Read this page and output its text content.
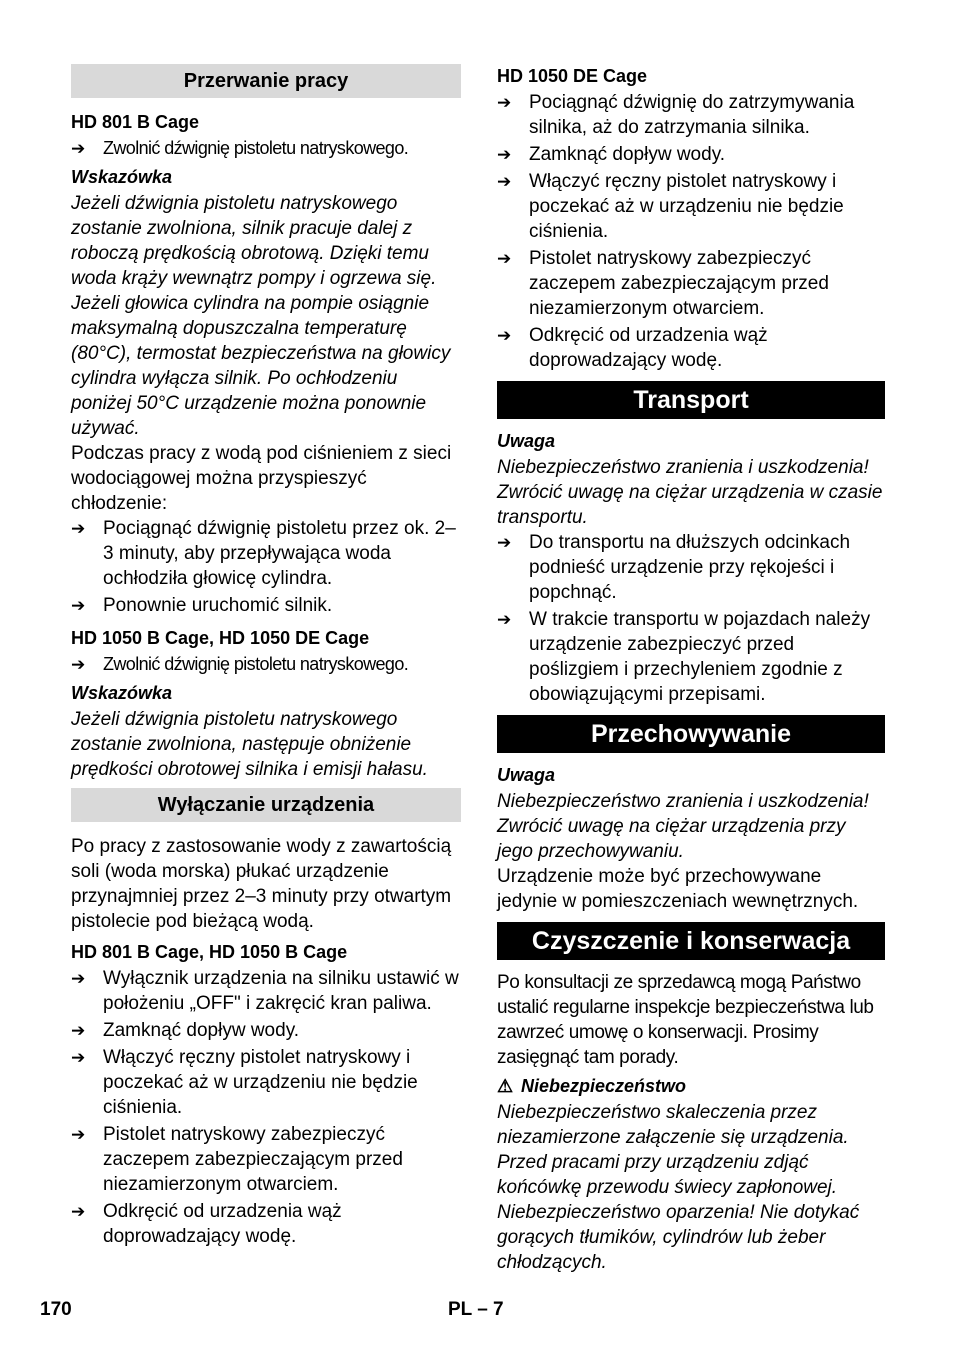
Przerwanie pracy
HD 801 B Cage
➔ Zwolnić dźwignię pistoletu natryskowego.
Wskazówka

Jeżeli dźwignia pistoletu natryskowego zostanie zwolniona, silnik pracuje dalej z roboczą prędkością obrotową. Dzięki temu woda krąży wewnątrz pompy i ogrzewa się. Jeżeli głowica cylindra na pompie osiągnie maksymalną dopuszczalna temperaturę (80°C), termostat bezpieczeństwa na głowicy cylindra wyłącza silnik. Po ochłodzeniu poniżej 50°C urządzenie można ponownie używać.

Podczas pracy z wodą pod ciśnieniem z sieci wodociągowej można przyspieszyć chłodzenie:

➔ Pociągnąć dźwignię pistoletu przez ok. 2–3 minuty, aby przepływająca woda ochłodziła głowicę cylindra.
➔ Ponownie uruchomić silnik.
HD 1050 B Cage, HD 1050 DE Cage
➔ Zwolnić dźwignię pistoletu natryskowego.
Wskazówka

Jeżeli dźwignia pistoletu natryskowego zostanie zwolniona, następuje obniżenie prędkości obrotowej silnika i emisji hałasu.

Wyłączanie urządzenia

Po pracy z zastosowanie wody z zawartością soli (woda morska) płukać urządzenie przynajmniej przez 2–3 minuty przy otwartym pistolecie pod bieżącą wodą.

HD 801 B Cage, HD 1050 B Cage
➔ Wyłącznik urządzenia na silniku ustawić w położeniu „OFF" i zakręcić kran paliwa.
➔ Zamknąć dopływ wody.
➔ Włączyć ręczny pistolet natryskowy i poczekać aż w urządzeniu nie będzie ciśnienia.
➔ Pistolet natryskowy zabezpieczyć zaczepem zabezpieczającym przed niezamierzonym otwarciem.
➔ Odkręcić od urzadzenia wąż doprowadzający wodę.
HD 1050 DE Cage
➔ Pociągnąć dźwignię do zatrzymywania silnika, aż do zatrzymania silnika.
➔ Zamknąć dopływ wody.
➔ Włączyć ręczny pistolet natryskowy i poczekać aż w urządzeniu nie będzie ciśnienia.
➔ Pistolet natryskowy zabezpieczyć zaczepem zabezpieczającym przed niezamierzonym otwarciem.
➔ Odkręcić od urzadzenia wąż doprowadzający wodę.
Transport
Uwaga

Niebezpieczeństwo zranienia i uszkodzenia! Zwrócić uwagę na ciężar urządzenia w czasie transportu.

➔ Do transportu na dłuższych odcinkach podnieść urządzenie przy rękojeści i popchnąć.
➔ W trakcie transportu w pojazdach należy urządzenie zabezpieczyć przed poślizgiem i przechyleniem zgodnie z obowiązującymi przepisami.
Przechowywanie
Uwaga

Niebezpieczeństwo zranienia i uszkodzenia! Zwrócić uwagę na ciężar urządzenia przy jego przechowywaniu.

Urządzenie może być przechowywane jedynie w pomieszczeniach wewnętrznych.

Czyszczenie i konserwacja

Po konsultacji ze sprzedawcą mogą Państwo ustalić regularne inspekcje bezpieczeństwa lub zawrzeć umowę o konserwacji. Prosimy zasięgnąć tam porady.

⚠ Niebezpieczeństwo

Niebezpieczeństwo skaleczenia przez niezamierzone załączenie się urządzenia. Przed pracami przy urządzeniu zdjąć końcówkę przewodu świecy zapłonowej. Niebezpieczeństwo oparzenia! Nie dotykać gorących tłumików, cylindrów lub żeber chłodzących.

170	PL – 7
